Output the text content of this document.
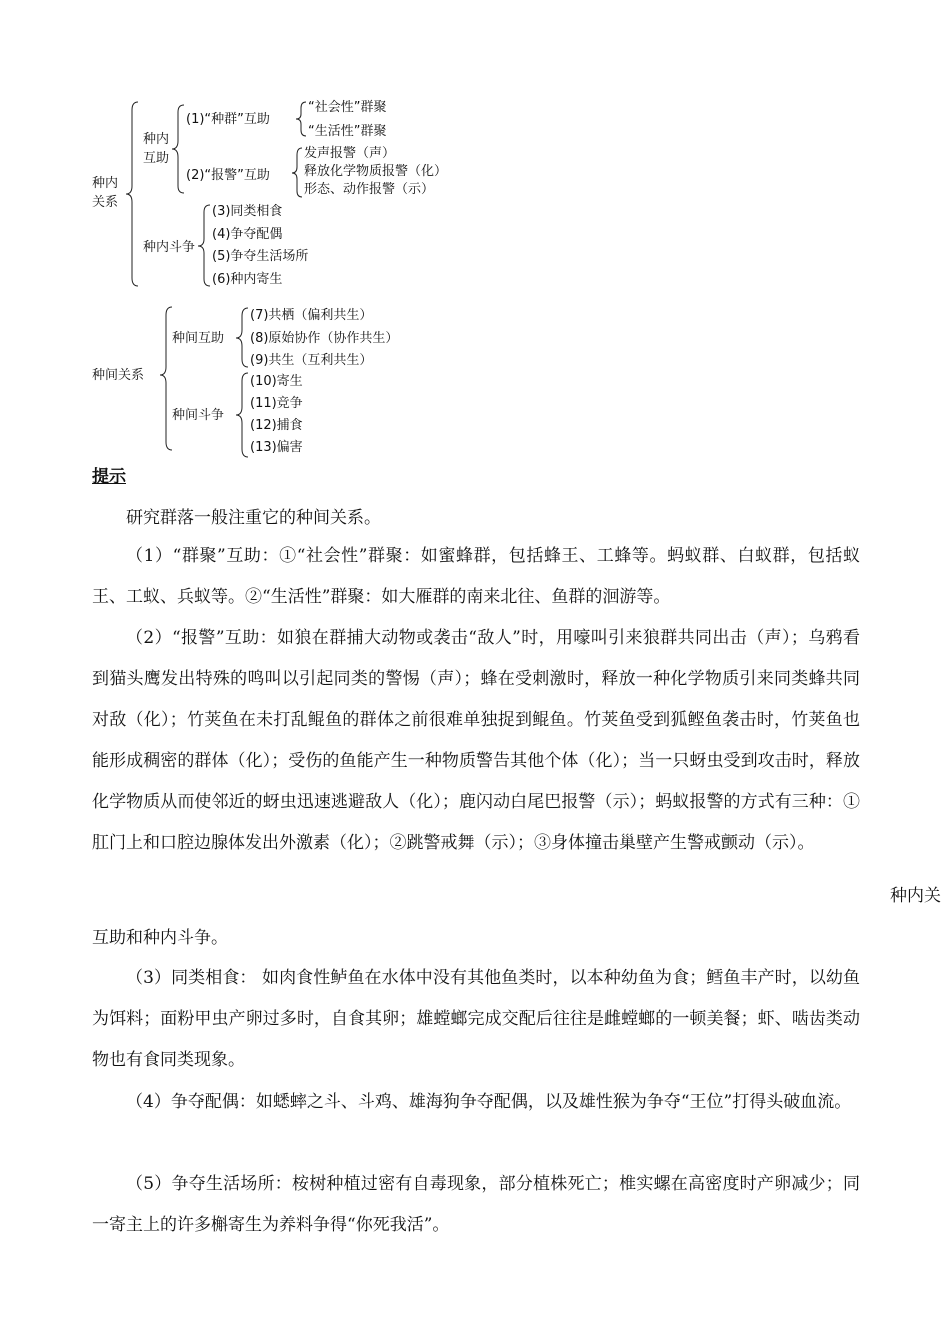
种内
关系
种内
互助
种内斗争
(1)“种群”互助
(2)“报警”互助
“社会性”群聚
“生活性”群聚
发声报警（声）
释放化学物质报警（化）
形态、动作报警（示）
(3)同类相食
(4)争夺配偶
(5)争夺生活场所
(6)种内寄生
种间关系
种间互助
种间斗争
(7)共栖（偏利共生）
(8)原始协作（协作共生）
(9)共生（互利共生）
(10)寄生
(11)竞争
(12)捕食
(13)偏害
提示

研究群落一般注重它的种间关系。

（1）“群聚”互助：①“社会性”群聚：如蜜蜂群，包括蜂王、工蜂等。蚂蚁群、白蚁群，包括蚁王、工蚁、兵蚁等。②“生活性”群聚：如大雁群的南来北往、鱼群的洄游等。

（2）“报警”互助：如狼在群捕大动物或袭击“敌人”时，用嚎叫引来狼群共同出击（声）；乌鸦看到猫头鹰发出特殊的鸣叫以引起同类的警惕（声）；蜂在受刺激时，释放一种化学物质引来同类蜂共同对敌（化）；竹荚鱼在未打乱鲲鱼的群体之前很难单独捉到鲲鱼。竹荚鱼受到狐鲣鱼袭击时，竹荚鱼也能形成稠密的群体（化）；受伤的鱼能产生一种物质警告其他个体（化）；当一只蚜虫受到攻击时，释放化学物质从而使邻近的蚜虫迅速逃避敌人（化）；鹿闪动白尾巴报警（示）；蚂蚁报警的方式有三种：①肛门上和口腔边腺体发出外激素（化）；②跳警戒舞（示）；③身体撞击巢壁产生警戒颤动（示）。

种内关

互助和种内斗争。

（3）同类相食： 如肉食性鲈鱼在水体中没有其他鱼类时，以本种幼鱼为食；鳕鱼丰产时，以幼鱼为饵料；面粉甲虫产卵过多时，自食其卵；雄螳螂完成交配后往往是雌螳螂的一顿美餐；虾、啮齿类动物也有食同类现象。

（4）争夺配偶：如蟋蟀之斗、斗鸡、雄海狗争夺配偶，以及雄性猴为争夺“王位”打得头破血流。

（5）争夺生活场所：桉树种植过密有自毒现象，部分植株死亡；椎实螺在高密度时产卵减少；同一寄主上的许多槲寄生为养料争得“你死我活”。
